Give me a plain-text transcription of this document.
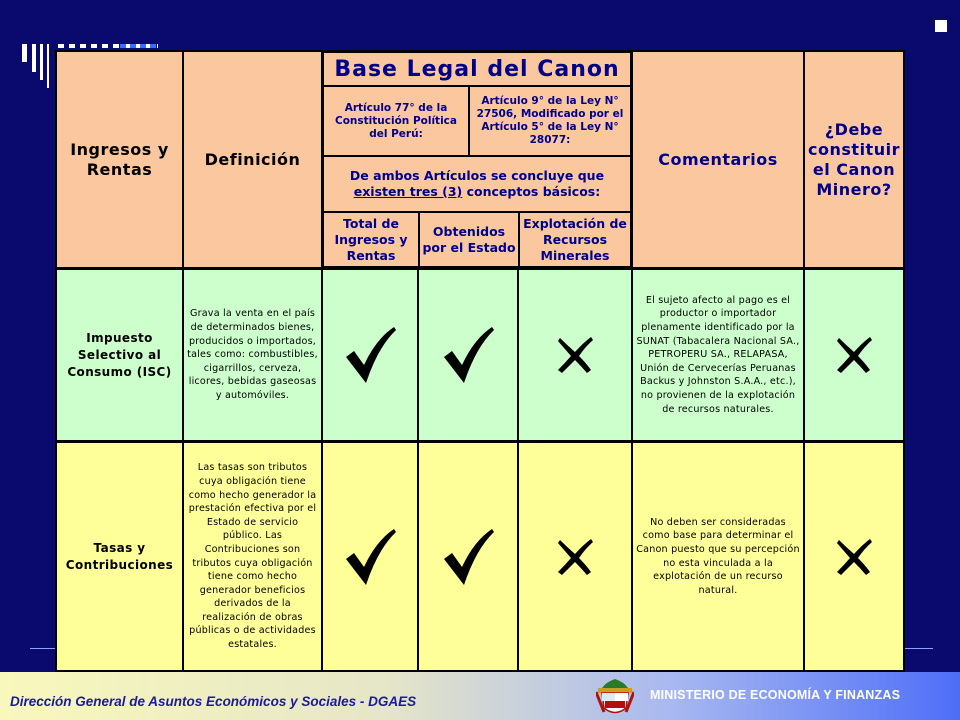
Ingresos y Rentas
Definición
Base Legal del Canon
Artículo 77° de la Constitución Política del Perú:
Artículo 9° de la Ley N° 27506, Modificado por el Artículo 5° de la Ley N° 28077:
De ambos Artículos se concluye que
existen tres (3) conceptos básicos:
Total de Ingresos y Rentas
Obtenidos por el Estado
Explotación de Recursos Minerales
Comentarios
¿Debe constituir el Canon Minero?
Impuesto Selectivo al Consumo (ISC)
Grava la venta en el país de determinados bienes, producidos o importados, tales como: combustibles, cigarrillos, cerveza, licores, bebidas gaseosas y automóviles.
El sujeto afecto al pago es el productor o importador plenamente identificado por la SUNAT (Tabacalera Nacional SA., PETROPERU SA., RELAPASA, Unión de Cervecerías Peruanas Backus y Johnston S.A.A., etc.), no provienen de la explotación de recursos naturales.
Tasas y Contribuciones
Las tasas son tributos cuya obligación tiene como hecho generador la prestación efectiva por el Estado de servicio público. Las Contribuciones son tributos cuya obligación tiene como hecho generador beneficios derivados de la realización de obras públicas o de actividades estatales.
No deben ser consideradas como base para determinar el Canon puesto que su percepción no esta vinculada a la explotación de un recurso natural.
Dirección General de Asuntos Económicos y Sociales - DGAES	MINISTERIO DE ECONOMÍA Y FINANZAS
